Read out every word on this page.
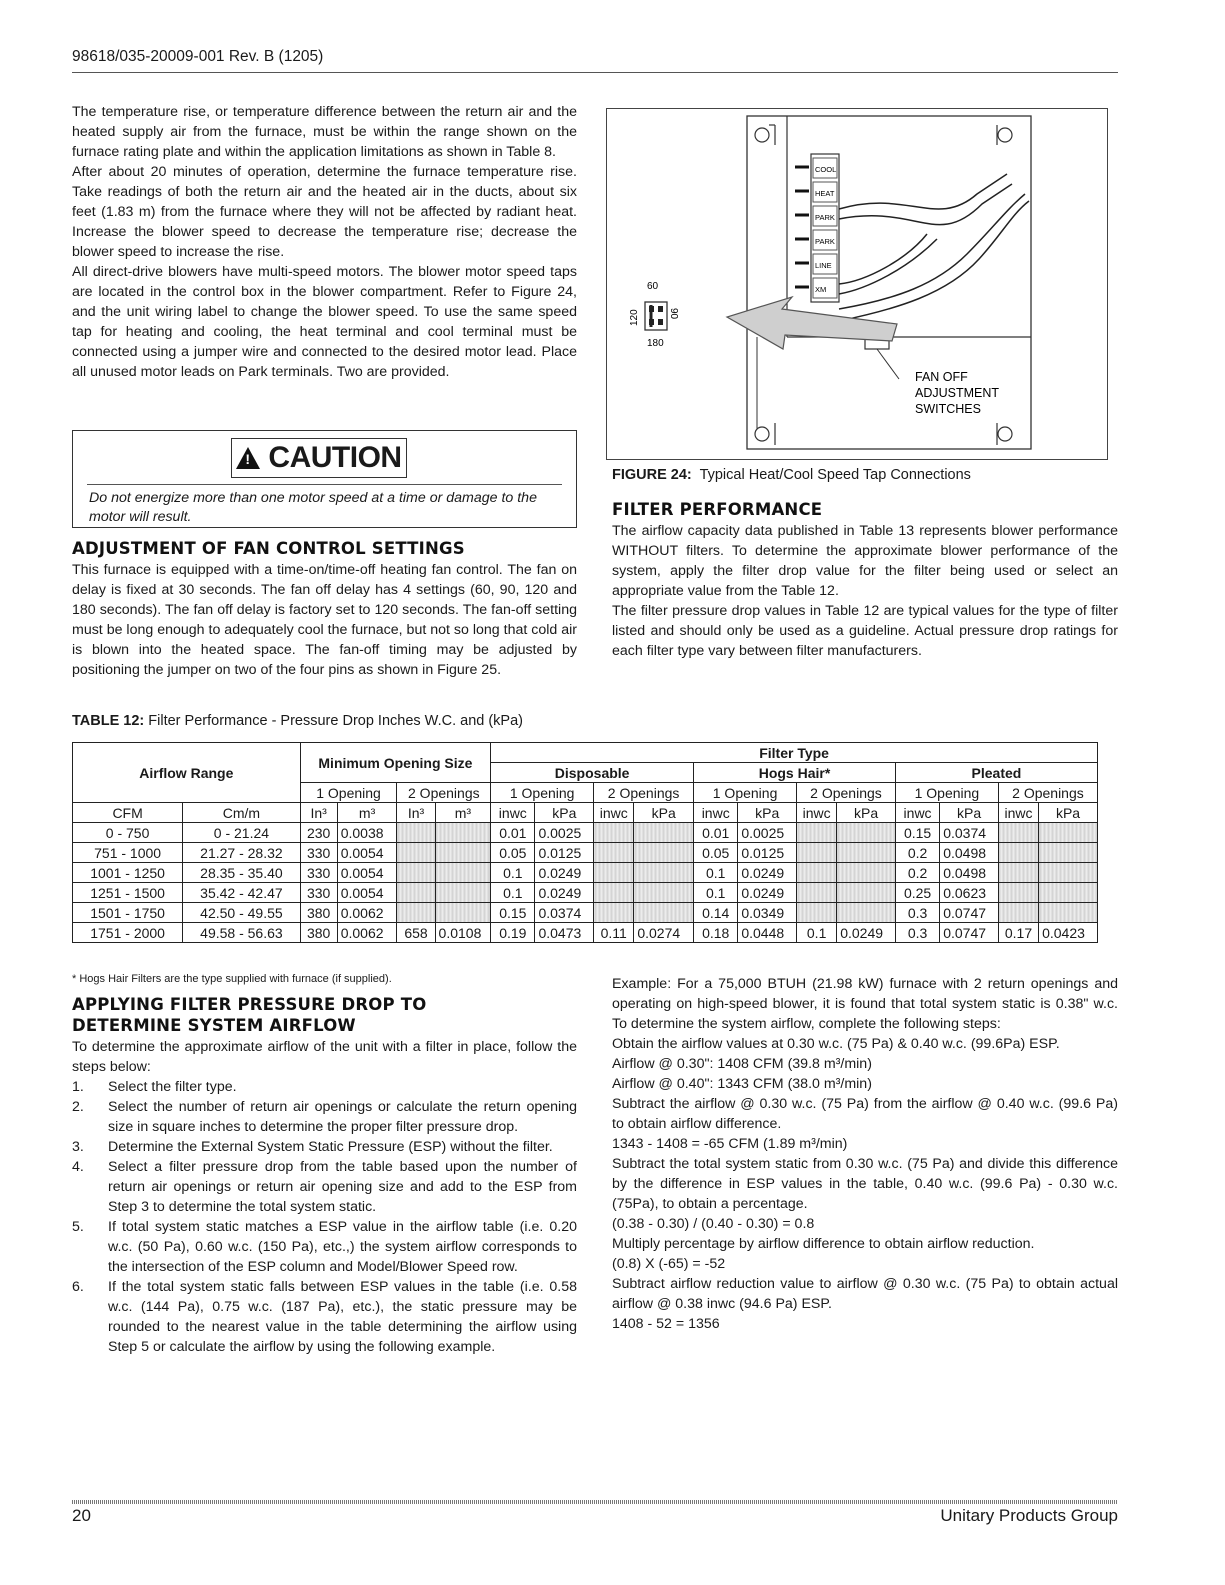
98618/035-20009-001 Rev. B (1205)

The temperature rise, or temperature difference between the return air and the heated supply air from the furnace, must be within the range shown on the furnace rating plate and within the application limitations as shown in Table 8.

After about 20 minutes of operation, determine the furnace temperature rise. Take readings of both the return air and the heated air in the ducts, about six feet (1.83 m) from the furnace where they will not be affected by radiant heat. Increase the blower speed to decrease the temperature rise; decrease the blower speed to increase the rise.

All direct-drive blowers have multi-speed motors. The blower motor speed taps are located in the control box in the blower compartment. Refer to Figure 24, and the unit wiring label to change the blower speed. To use the same speed tap for heating and cooling, the heat terminal and cool terminal must be connected using a jumper wire and connected to the desired motor lead. Place all unused motor leads on Park terminals. Two are provided.

!
CAUTION
Do not energize more than one motor speed at a time or damage to the motor will result.
ADJUSTMENT OF FAN CONTROL SETTINGS

This furnace is equipped with a time-on/time-off heating fan control. The fan on delay is fixed at 30 seconds. The fan off delay has 4 settings (60, 90, 120 and 180 seconds). The fan off delay is factory set to 120 seconds. The fan-off setting must be long enough to adequately cool the furnace, but not so long that cold air is blown into the heated space. The fan-off timing may be adjusted by positioning the jumper on two of the four pins as shown in Figure 25.

COOL
HEAT
PARK
PARK
LINE
XM
60
180
120	90
FAN OFF
ADJUSTMENT
SWITCHES
FIGURE 24: Typical Heat/Cool Speed Tap Connections
FILTER PERFORMANCE

The airflow capacity data published in Table 13 represents blower performance WITHOUT filters. To determine the approximate blower performance of the system, apply the filter drop value for the filter being used or select an appropriate value from the Table 12.

The filter pressure drop values in Table 12 are typical values for the type of filter listed and should only be used as a guideline. Actual pressure drop ratings for each filter type vary between filter manufacturers.

TABLE 12: Filter Performance - Pressure Drop Inches W.C. and (kPa)
Airflow Range		Minimum Opening Size				Filter Type											
						Disposable				Hogs Hair*				Pleated			
		1 Opening		2 Openings		1 Opening		2 Openings		1 Opening		2 Openings		1 Opening		2 Openings	
CFM	Cm/m	In³	m³	In³	m³	inwc	kPa	inwc	kPa	inwc	kPa	inwc	kPa	inwc	kPa	inwc	kPa
0 - 750	0 - 21.24	230	0.0038			0.01	0.0025			0.01	0.0025			0.15	0.0374		
751 - 1000	21.27 - 28.32	330	0.0054			0.05	0.0125			0.05	0.0125			0.2	0.0498		
1001 - 1250	28.35 - 35.40	330	0.0054			0.1	0.0249			0.1	0.0249			0.2	0.0498		
1251 - 1500	35.42 - 42.47	330	0.0054			0.1	0.0249			0.1	0.0249			0.25	0.0623		
1501 - 1750	42.50 - 49.55	380	0.0062			0.15	0.0374			0.14	0.0349			0.3	0.0747		
1751 - 2000	49.58 - 56.63	380	0.0062	658	0.0108	0.19	0.0473	0.11	0.0274	0.18	0.0448	0.1	0.0249	0.3	0.0747	0.17	0.0423
* Hogs Hair Filters are the type supplied with furnace (if supplied).
APPLYING FILTER PRESSURE DROP TO
DETERMINE SYSTEM AIRFLOW

To determine the approximate airflow of the unit with a filter in place, follow the steps below:

1. Select the filter type.
2. Select the number of return air openings or calculate the return opening size in square inches to determine the proper filter pressure drop.
3. Determine the External System Static Pressure (ESP) without the filter.
4. Select a filter pressure drop from the table based upon the number of return air openings or return air opening size and add to the ESP from Step 3 to determine the total system static.
5. If total system static matches a ESP value in the airflow table (i.e. 0.20 w.c. (50 Pa), 0.60 w.c. (150 Pa), etc.,) the system airflow corresponds to the intersection of the ESP column and Model/Blower Speed row.
6. If the total system static falls between ESP values in the table (i.e. 0.58 w.c. (144 Pa), 0.75 w.c. (187 Pa), etc.), the static pressure may be rounded to the nearest value in the table determining the airflow using Step 5 or calculate the airflow by using the following example.

Example: For a 75,000 BTUH (21.98 kW) furnace with 2 return openings and operating on high-speed blower, it is found that total system static is 0.38" w.c. To determine the system airflow, complete the following steps:

Obtain the airflow values at 0.30 w.c. (75 Pa) & 0.40 w.c. (99.6Pa) ESP.

Airflow @ 0.30": 1408 CFM (39.8 m³/min)

Airflow @ 0.40": 1343 CFM (38.0 m³/min)

Subtract the airflow @ 0.30 w.c. (75 Pa) from the airflow @ 0.40 w.c. (99.6 Pa) to obtain airflow difference.

1343 - 1408 = -65 CFM (1.89 m³/min)

Subtract the total system static from 0.30 w.c. (75 Pa) and divide this difference by the difference in ESP values in the table, 0.40 w.c. (99.6 Pa) - 0.30 w.c. (75Pa), to obtain a percentage.

(0.38 - 0.30) / (0.40 - 0.30) = 0.8

Multiply percentage by airflow difference to obtain airflow reduction.

(0.8) X (-65) = -52

Subtract airflow reduction value to airflow @ 0.30 w.c. (75 Pa) to obtain actual airflow @ 0.38 inwc (94.6 Pa) ESP.

1408 - 52 = 1356

20	Unitary Products Group
